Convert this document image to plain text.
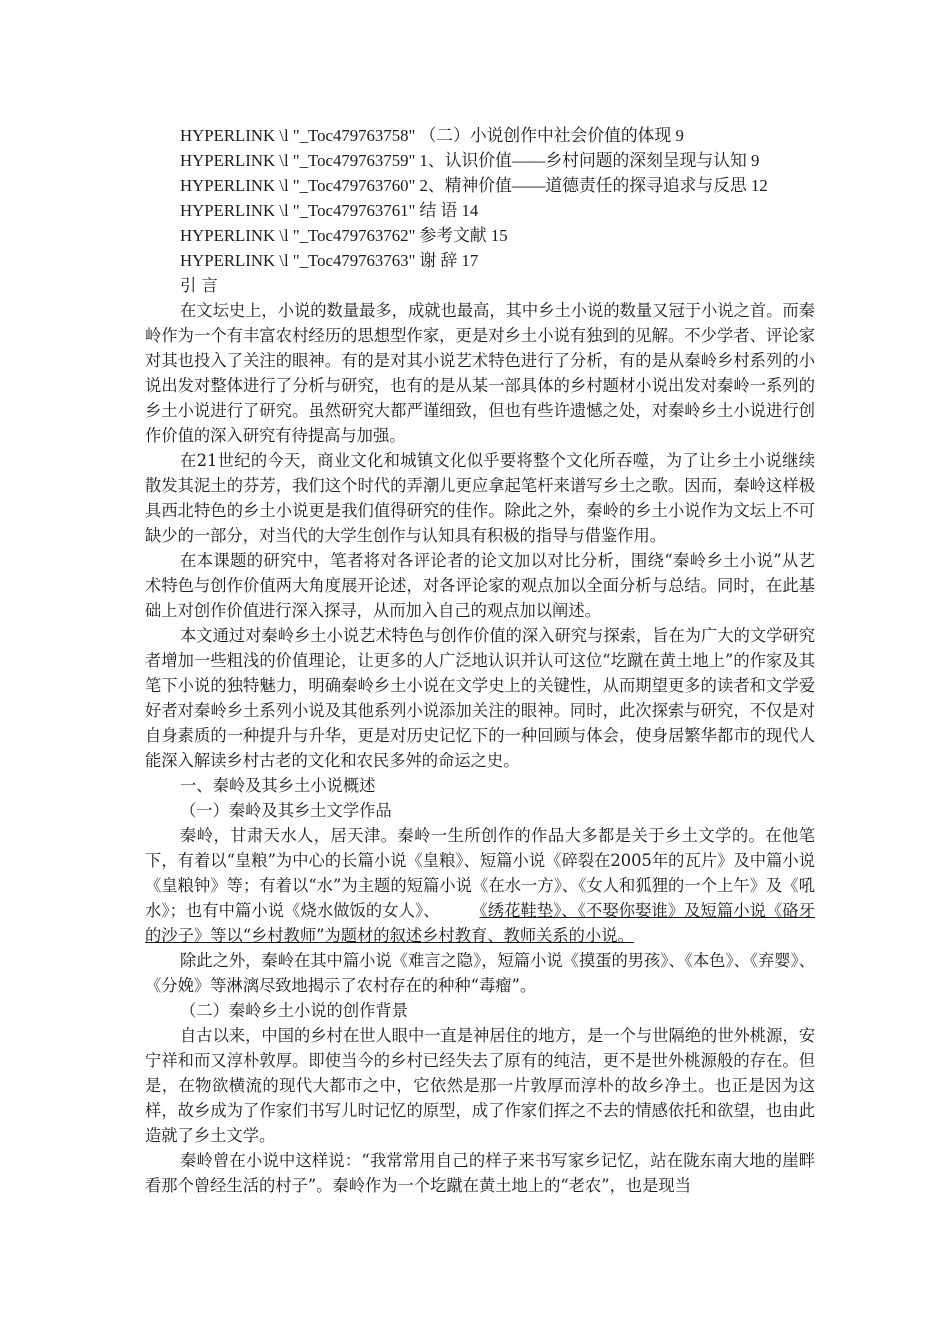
HYPERLINK \l "_Toc479763758" （二）小说创作中社会价值的体现 9
HYPERLINK \l "_Toc479763759" 1、认识价值——乡村问题的深刻呈现与认知 9
HYPERLINK \l "_Toc479763760" 2、精神价值——道德责任的探寻追求与反思 12
HYPERLINK \l "_Toc479763761" 结 语 14
HYPERLINK \l "_Toc479763762" 参考文献 15
HYPERLINK \l "_Toc479763763" 谢 辞 17
引 言

在文坛史上，小说的数量最多，成就也最高，其中乡土小说的数量又冠于小说之首。而秦岭作为一个有丰富农村经历的思想型作家，更是对乡土小说有独到的见解。不少学者、评论家对其也投入了关注的眼神。有的是对其小说艺术特色进行了分析，有的是从秦岭乡村系列的小说出发对整体进行了分析与研究，也有的是从某一部具体的乡村题材小说出发对秦岭一系列的乡土小说进行了研究。虽然研究大都严谨细致，但也有些许遗憾之处，对秦岭乡土小说进行创作价值的深入研究有待提高与加强。

在21世纪的今天，商业文化和城镇文化似乎要将整个文化所吞噬，为了让乡土小说继续散发其泥土的芬芳，我们这个时代的弄潮儿更应拿起笔杆来谱写乡土之歌。因而，秦岭这样极具西北特色的乡土小说更是我们值得研究的佳作。除此之外，秦岭的乡土小说作为文坛上不可缺少的一部分，对当代的大学生创作与认知具有积极的指导与借鉴作用。

在本课题的研究中，笔者将对各评论者的论文加以对比分析，围绕“秦岭乡土小说”从艺术特色与创作价值两大角度展开论述，对各评论家的观点加以全面分析与总结。同时，在此基础上对创作价值进行深入探寻，从而加入自己的观点加以阐述。

本文通过对秦岭乡土小说艺术特色与创作价值的深入研究与探索，旨在为广大的文学研究者增加一些粗浅的价值理论，让更多的人广泛地认识并认可这位“圪蹴在黄土地上”的作家及其笔下小说的独特魅力，明确秦岭乡土小说在文学史上的关键性，从而期望更多的读者和文学爱好者对秦岭乡土系列小说及其他系列小说添加关注的眼神。同时，此次探索与研究，不仅是对自身素质的一种提升与升华，更是对历史记忆下的一种回顾与体会，使身居繁华都市的现代人能深入解读乡村古老的文化和农民多舛的命运之史。

一、秦岭及其乡土小说概述
（一）秦岭及其乡土文学作品

秦岭，甘肃天水人，居天津。秦岭一生所创作的作品大多都是关于乡土文学的。在他笔下，有着以“皇粮”为中心的长篇小说《皇粮》、短篇小说《碎裂在2005年的瓦片》及中篇小说《皇粮钟》等；有着以“水”为主题的短篇小说《在水一方》、《女人和狐狸的一个上午》及《吼水》；也有中篇小说《烧水做饭的女人》、 《绣花鞋垫》、《不娶你娶谁》及短篇小说《硌牙的沙子》等以“乡村教师”为题材的叙述乡村教育、教师关系的小说。

除此之外，秦岭在其中篇小说《难言之隐》，短篇小说《摸蛋的男孩》、《本色》、《弃婴》、《分娩》等淋漓尽致地揭示了农村存在的种种“毒瘤”。

（二）秦岭乡土小说的创作背景

自古以来，中国的乡村在世人眼中一直是神居住的地方，是一个与世隔绝的世外桃源，安宁祥和而又淳朴敦厚。即使当今的乡村已经失去了原有的纯洁，更不是世外桃源般的存在。但是，在物欲横流的现代大都市之中，它依然是那一片敦厚而淳朴的故乡净土。也正是因为这样，故乡成为了作家们书写儿时记忆的原型，成了作家们挥之不去的情感依托和欲望，也由此造就了乡土文学。

秦岭曾在小说中这样说：“我常常用自己的样子来书写家乡记忆，站在陇东南大地的崖畔看那个曾经生活的村子”。秦岭作为一个圪蹴在黄土地上的“老农”，也是现当
